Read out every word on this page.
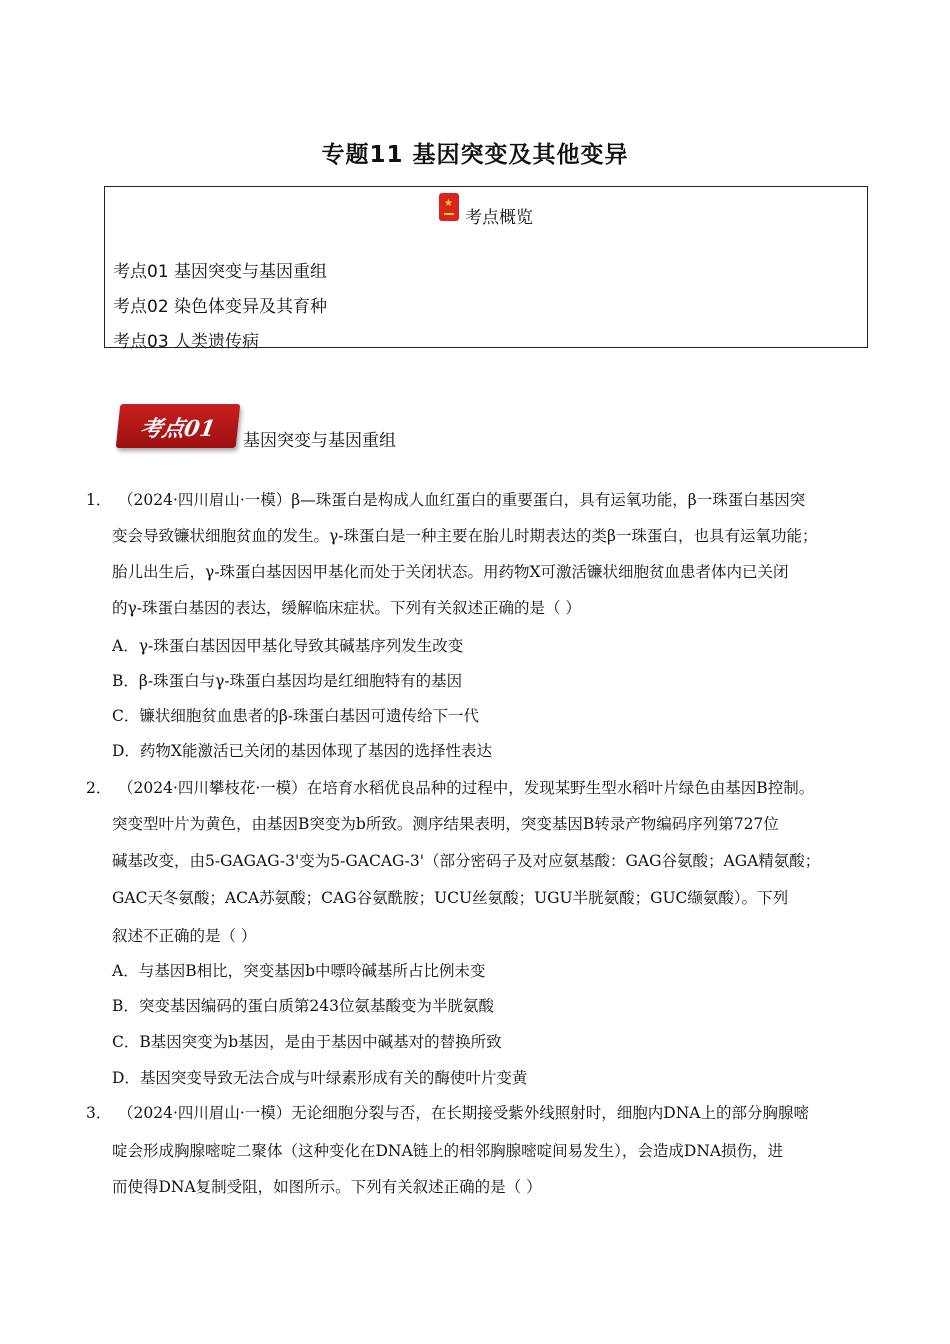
专题11 基因突变及其他变异
★考点概览
考点01 基因突变与基因重组
考点02 染色体变异及其育种
考点03 人类遗传病
考点01	基因突变与基因重组
1． （2024·四川眉山·一模）β—珠蛋白是构成人血红蛋白的重要蛋白，具有运氧功能，β一珠蛋白基因突
变会导致镰状细胞贫血的发生。γ-珠蛋白是一种主要在胎儿时期表达的类β一珠蛋白，也具有运氧功能；
胎儿出生后，γ-珠蛋白基因因甲基化而处于关闭状态。用药物X可激活镰状细胞贫血患者体内已关闭
的γ-珠蛋白基因的表达，缓解临床症状。下列有关叙述正确的是（ ）
A．γ-珠蛋白基因因甲基化导致其碱基序列发生改变
B．β-珠蛋白与γ-珠蛋白基因均是红细胞特有的基因
C．镰状细胞贫血患者的β-珠蛋白基因可遗传给下一代
D．药物X能激活已关闭的基因体现了基因的选择性表达
2． （2024·四川攀枝花·一模）在培育水稻优良品种的过程中，发现某野生型水稻叶片绿色由基因B控制。
突变型叶片为黄色，由基因B突变为b所致。测序结果表明，突变基因B转录产物编码序列第727位
碱基改变，由5-GAGAG-3'变为5-GACAG-3'（部分密码子及对应氨基酸：GAG谷氨酸；AGA精氨酸；
GAC天冬氨酸；ACA苏氨酸；CAG谷氨酰胺；UCU丝氨酸；UGU半胱氨酸；GUC缬氨酸）。下列
叙述不正确的是（ ）
A．与基因B相比，突变基因b中嘌呤碱基所占比例未变
B．突变基因编码的蛋白质第243位氨基酸变为半胱氨酸
C．B基因突变为b基因，是由于基因中碱基对的替换所致
D．基因突变导致无法合成与叶绿素形成有关的酶使叶片变黄
3． （2024·四川眉山·一模）无论细胞分裂与否，在长期接受紫外线照射时，细胞内DNA上的部分胸腺嘧
啶会形成胸腺嘧啶二聚体（这种变化在DNA链上的相邻胸腺嘧啶间易发生），会造成DNA损伤，进
而使得DNA复制受阻，如图所示。下列有关叙述正确的是（ ）
